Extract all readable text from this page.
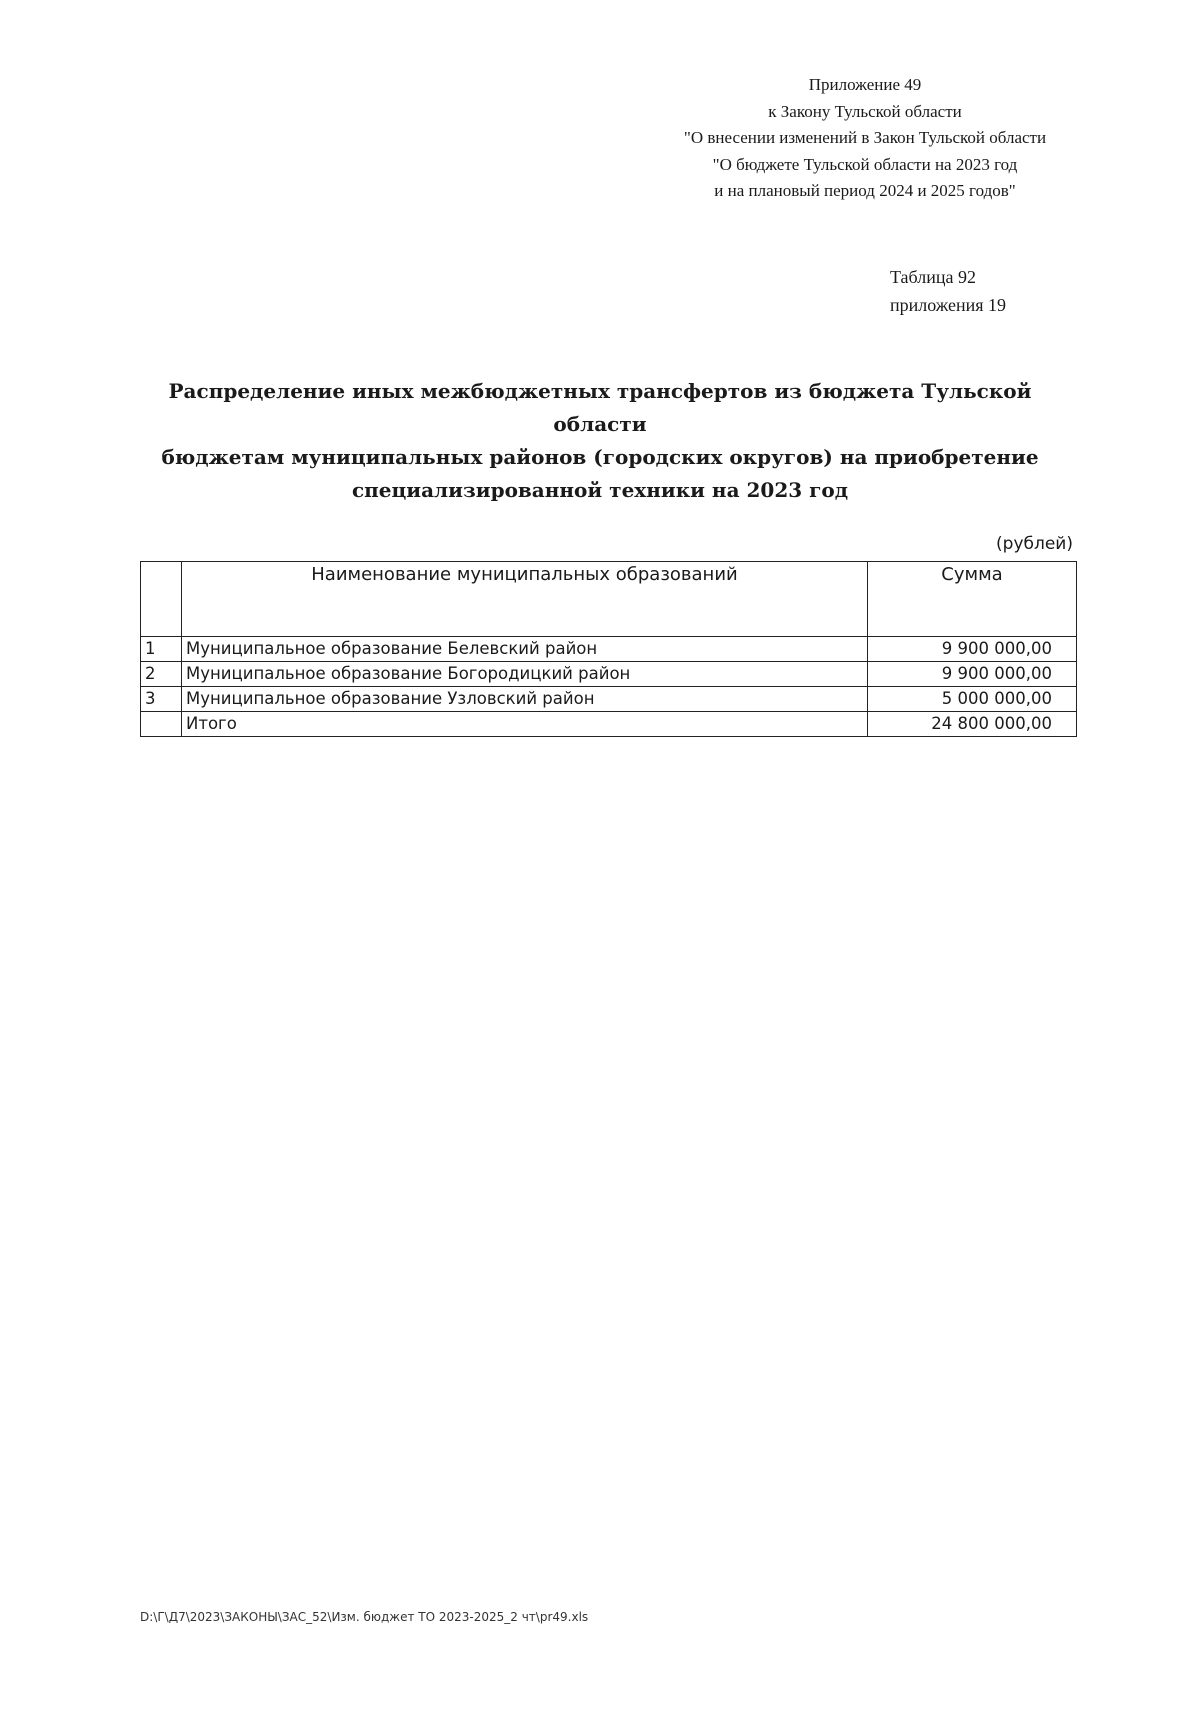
Приложение 49
к Закону Тульской области
"О внесении изменений в Закон Тульской области
"О бюджете Тульской области на 2023 год
и на плановый период 2024 и 2025 годов"
Таблица 92
приложения 19
Распределение иных межбюджетных трансфертов из бюджета Тульской области
бюджетам муниципальных районов (городских округов) на приобретение
специализированной техники на 2023 год
(рублей)
	Наименование муниципальных образований	Сумма
1	Муниципальное образование Белевский район	9 900 000,00
2	Муниципальное образование Богородицкий район	9 900 000,00
3	Муниципальное образование Узловский район	5 000 000,00
	Итого	24 800 000,00
D:\Г\Д7\2023\ЗАКОНЫ\ЗАС_52\Изм. бюджет ТО 2023-2025_2 чт\pr49.xls
